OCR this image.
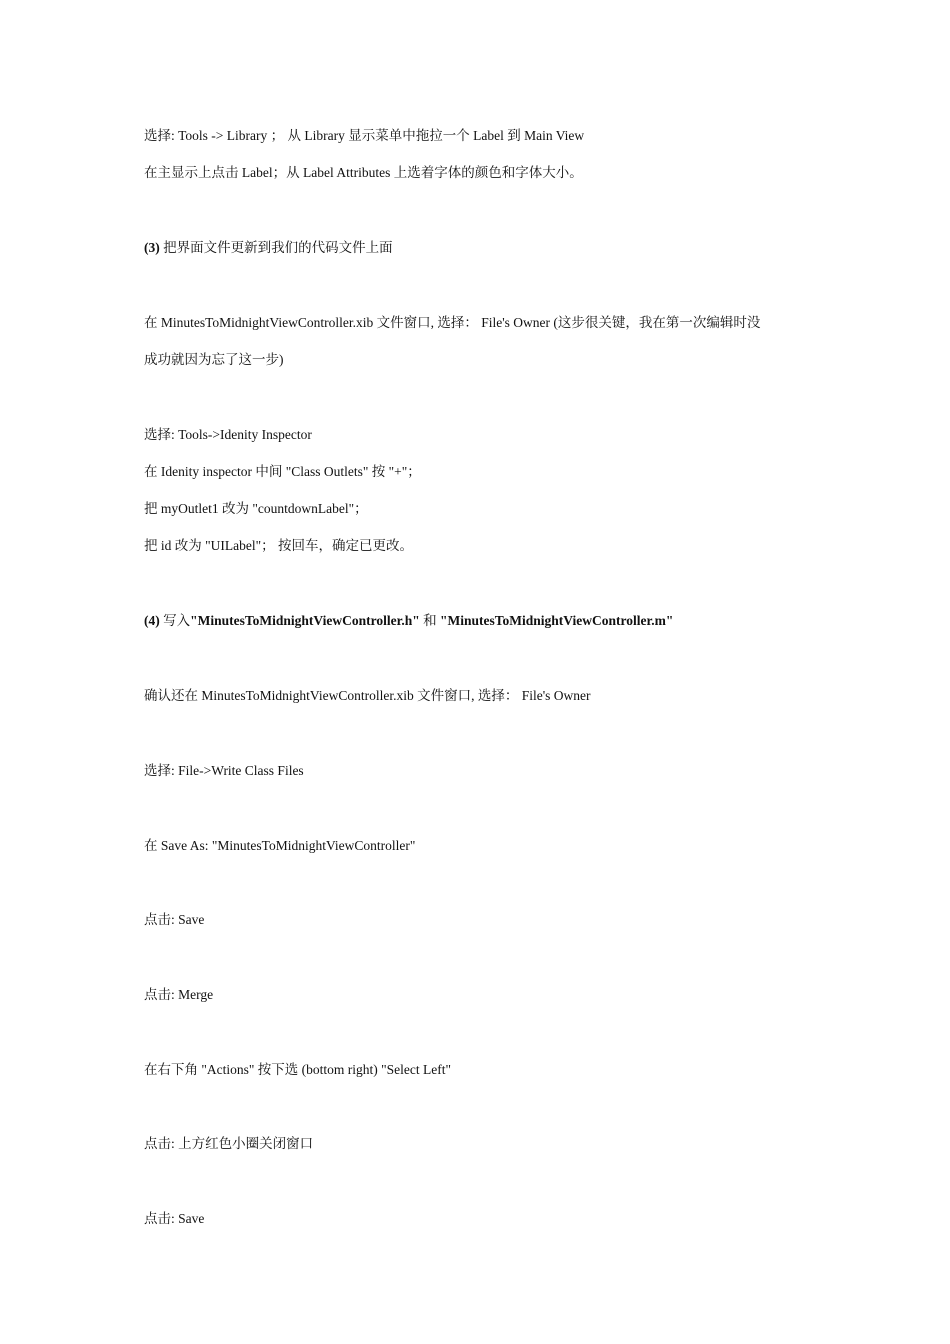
选择: Tools -> Library ； 从 Library 显示菜单中拖拉一个 Label 到 Main View
在主显示上点击 Label；从 Label Attributes 上选着字体的颜色和字体大小。
(3) 把界面文件更新到我们的代码文件上面
在 MinutesToMidnightViewController.xib 文件窗口, 选择： File's Owner (这步很关键，我在第一次编辑时没
成功就因为忘了这一步)
选择: Tools->Idenity Inspector
在 Idenity inspector 中间 "Class Outlets" 按 "+"；
把 myOutlet1 改为 "countdownLabel"；
把 id 改为 "UILabel"； 按回车，确定已更改。
(4) 写入"MinutesToMidnightViewController.h" 和 "MinutesToMidnightViewController.m"
确认还在 MinutesToMidnightViewController.xib 文件窗口, 选择： File's Owner
选择: File->Write Class Files
在 Save As: "MinutesToMidnightViewController"
点击: Save
点击: Merge
在右下角 "Actions" 按下选 (bottom right) "Select Left"
点击: 上方红色小圈关闭窗口
点击: Save
